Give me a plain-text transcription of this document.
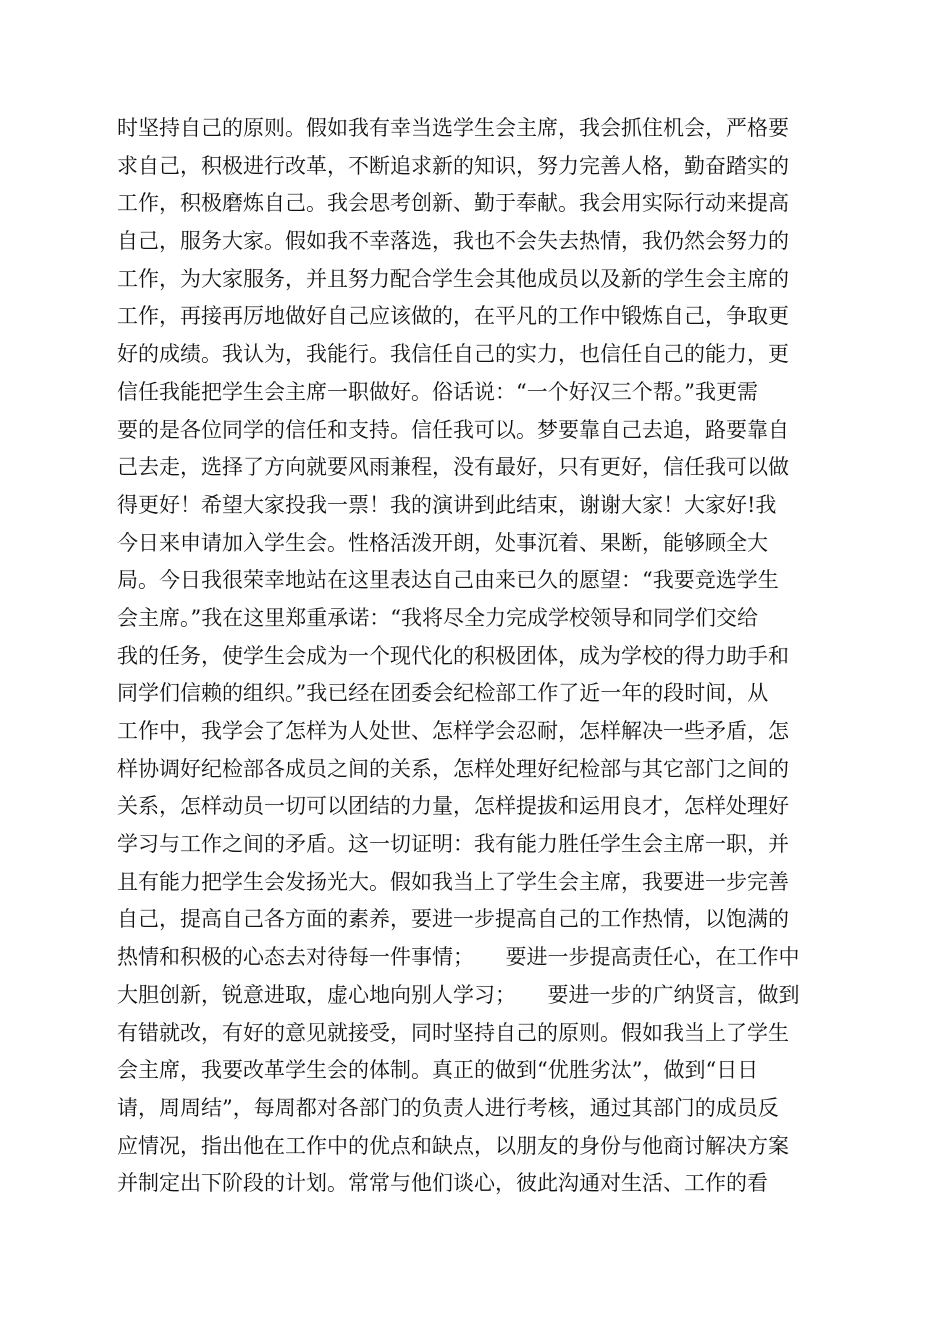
时坚持自己的原则。假如我有幸当选学生会主席，我会抓住机会，严格要
求自己，积极进行改革，不断追求新的知识，努力完善人格，勤奋踏实的
工作，积极磨炼自己。我会思考创新、勤于奉献。我会用实际行动来提高
自己，服务大家。假如我不幸落选，我也不会失去热情，我仍然会努力的
工作，为大家服务，并且努力配合学生会其他成员以及新的学生会主席的
工作，再接再厉地做好自己应该做的，在平凡的工作中锻炼自己，争取更
好的成绩。我认为，我能行。我信任自己的实力，也信任自己的能力，更
信任我能把学生会主席一职做好。俗话说：“一个好汉三个帮。”我更需
要的是各位同学的信任和支持。信任我可以。梦要靠自己去追，路要靠自
己去走，选择了方向就要风雨兼程，没有最好，只有更好，信任我可以做
得更好！希望大家投我一票！我的演讲到此结束，谢谢大家！大家好!我
今日来申请加入学生会。性格活泼开朗，处事沉着、果断，能够顾全大
局。今日我很荣幸地站在这里表达自己由来已久的愿望：“我要竞选学生
会主席。”我在这里郑重承诺：“我将尽全力完成学校领导和同学们交给
我的任务，使学生会成为一个现代化的积极团体，成为学校的得力助手和
同学们信赖的组织。”我已经在团委会纪检部工作了近一年的段时间，从
工作中，我学会了怎样为人处世、怎样学会忍耐，怎样解决一些矛盾，怎
样协调好纪检部各成员之间的关系，怎样处理好纪检部与其它部门之间的
关系，怎样动员一切可以团结的力量，怎样提拔和运用良才，怎样处理好
学习与工作之间的矛盾。这一切证明：我有能力胜任学生会主席一职，并
且有能力把学生会发扬光大。假如我当上了学生会主席，我要进一步完善
自己，提高自己各方面的素养，要进一步提高自己的工作热情，以饱满的
热情和积极的心态去对待每一件事情；　　要进一步提高责任心，在工作中
大胆创新，锐意进取，虚心地向别人学习；　　要进一步的广纳贤言，做到
有错就改，有好的意见就接受，同时坚持自己的原则。假如我当上了学生
会主席，我要改革学生会的体制。真正的做到“优胜劣汰”，做到“日日
请，周周结”，每周都对各部门的负责人进行考核，通过其部门的成员反
应情况，指出他在工作中的优点和缺点，以朋友的身份与他商讨解决方案
并制定出下阶段的计划。常常与他们谈心，彼此沟通对生活、工作的看
